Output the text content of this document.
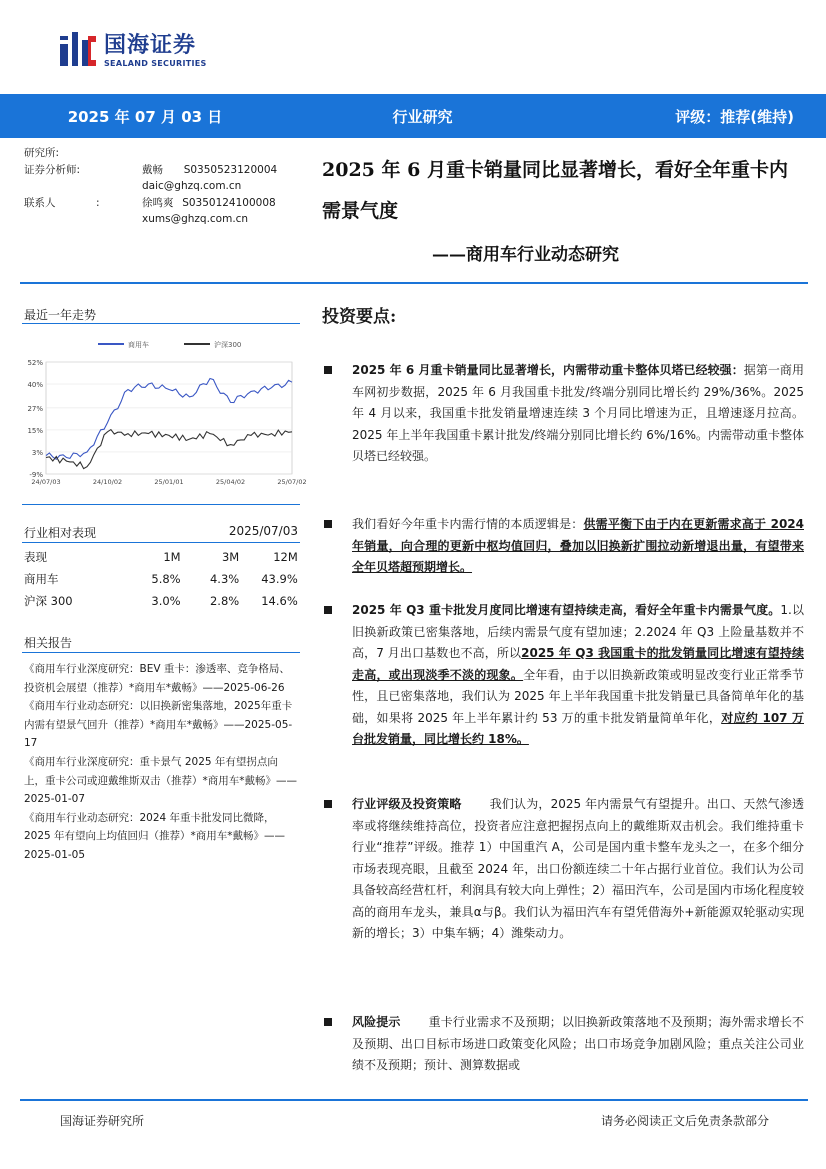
国海证券
SEALAND SECURITIES
2025 年 07 月 03 日	行业研究	评级：推荐(维持)
研究所:
证券分析师:	戴畅 S0350523120004
daic@ghzq.com.cn
联系人	:	徐鸣爽 S0350124100008
xums@ghzq.com.cn
2025 年 6 月重卡销量同比显著增长，看好全年重卡内需景气度
——商用车行业动态研究
最近一年走势
52%
40%
27%
15%
3%
-9%
24/07/03	24/10/02	25/01/01	25/04/02	25/07/02
商用车	沪深300
行业相对表现	2025/07/03
表现	1M	3M	12M
商用车	5.8%	4.3%	43.9%
沪深 300	3.0%	2.8%	14.6%
相关报告

《商用车行业深度研究：BEV 重卡：渗透率、竞争格局、投资机会展望（推荐）*商用车*戴畅》——2025-06-26

《商用车行业动态研究：以旧换新密集落地，2025年重卡内需有望景气回升（推荐）*商用车*戴畅》——2025-05-17

《商用车行业深度研究：重卡景气 2025 年有望拐点向上，重卡公司或迎戴维斯双击（推荐）*商用车*戴畅》——2025-01-07

《商用车行业动态研究：2024 年重卡批发同比微降，2025 年有望向上均值回归（推荐）*商用车*戴畅》——2025-01-05

投资要点:
2025 年 6 月重卡销量同比显著增长，内需带动重卡整体贝塔已经较强：据第一商用车网初步数据，2025 年 6 月我国重卡批发/终端分别同比增长约 29%/36%。2025 年 4 月以来，我国重卡批发销量增速连续 3 个月同比增速为正，且增速逐月拉高。2025 年上半年我国重卡累计批发/终端分别同比增长约 6%/16%。内需带动重卡整体贝塔已经较强。
我们看好今年重卡内需行情的本质逻辑是：供需平衡下由于内在更新需求高于 2024 年销量，向合理的更新中枢均值回归，叠加以旧换新扩围拉动新增退出量，有望带来全年贝塔超预期增长。
2025 年 Q3 重卡批发月度同比增速有望持续走高，看好全年重卡内需景气度。1.以旧换新政策已密集落地，后续内需景气度有望加速；2.2024 年 Q3 上险量基数并不高，7 月出口基数也不高，所以2025 年 Q3 我国重卡的批发销量同比增速有望持续走高，或出现淡季不淡的现象。全年看，由于以旧换新政策或明显改变行业正常季节性，且已密集落地，我们认为 2025 年上半年我国重卡批发销量已具备简单年化的基础，如果将 2025 年上半年累计约 53 万的重卡批发销量简单年化，对应约 107 万台批发销量，同比增长约 18%。
行业评级及投资策略 我们认为，2025 年内需景气有望提升。出口、天然气渗透率或将继续维持高位，投资者应注意把握拐点向上的戴维斯双击机会。我们维持重卡行业“推荐”评级。推荐 1）中国重汽 A，公司是国内重卡整车龙头之一，在多个细分市场表现亮眼，且截至 2024 年，出口份额连续二十年占据行业首位。我们认为公司具备较高经营杠杆，利润具有较大向上弹性；2）福田汽车，公司是国内市场化程度较高的商用车龙头，兼具α与β。我们认为福田汽车有望凭借海外+新能源双轮驱动实现新的增长；3）中集车辆；4）潍柴动力。
风险提示 重卡行业需求不及预期；以旧换新政策落地不及预期；海外需求增长不及预期、出口目标市场进口政策变化风险；出口市场竞争加剧风险；重点关注公司业绩不及预期；预计、测算数据或
国海证券研究所	请务必阅读正文后免责条款部分
